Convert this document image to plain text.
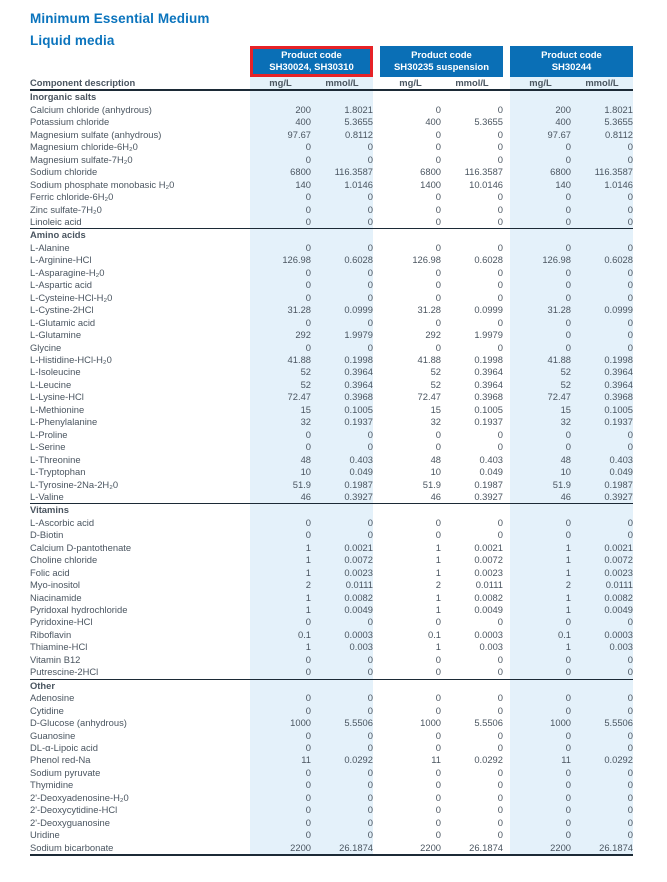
Minimum Essential Medium
Liquid media
Product code
SH30024, SH30310
Product code
SH30235 suspension
Product code
SH30244
Component description	mg/L	mmol/L		mg/L	mmol/L		mg/L	mmol/L
Inorganic salts								
Calcium chloride (anhydrous)	200	1.8021		0	0		200	1.8021
Potassium chloride	400	5.3655		400	5.3655		400	5.3655
Magnesium sulfate (anhydrous)	97.67	0.8112		0	0		97.67	0.8112
Magnesium chloride-6H₂0	0	0		0	0		0	0
Magnesium sulfate-7H₂0	0	0		0	0		0	0
Sodium chloride	6800	116.3587		6800	116.3587		6800	116.3587
Sodium phosphate monobasic H₂0	140	1.0146		1400	10.0146		140	1.0146
Ferric chloride-6H₂0	0	0		0	0		0	0
Zinc sulfate-7H₂0	0	0		0	0		0	0
Linoleic acid	0	0		0	0		0	0
Amino acids								
L-Alanine	0	0		0	0		0	0
L-Arginine-HCl	126.98	0.6028		126.98	0.6028		126.98	0.6028
L-Asparagine-H₂0	0	0		0	0		0	0
L-Aspartic acid	0	0		0	0		0	0
L-Cysteine-HCl-H₂0	0	0		0	0		0	0
L-Cystine-2HCl	31.28	0.0999		31.28	0.0999		31.28	0.0999
L-Glutamic acid	0	0		0	0		0	0
L-Glutamine	292	1.9979		292	1.9979		0	0
Glycine	0	0		0	0		0	0
L-Histidine-HCl-H₂0	41.88	0.1998		41.88	0.1998		41.88	0.1998
L-Isoleucine	52	0.3964		52	0.3964		52	0.3964
L-Leucine	52	0.3964		52	0.3964		52	0.3964
L-Lysine-HCl	72.47	0.3968		72.47	0.3968		72.47	0.3968
L-Methionine	15	0.1005		15	0.1005		15	0.1005
L-Phenylalanine	32	0.1937		32	0.1937		32	0.1937
L-Proline	0	0		0	0		0	0
L-Serine	0	0		0	0		0	0
L-Threonine	48	0.403		48	0.403		48	0.403
L-Tryptophan	10	0.049		10	0.049		10	0.049
L-Tyrosine-2Na-2H₂0	51.9	0.1987		51.9	0.1987		51.9	0.1987
L-Valine	46	0.3927		46	0.3927		46	0.3927
Vitamins								
L-Ascorbic acid	0	0		0	0		0	0
D-Biotin	0	0		0	0		0	0
Calcium D-pantothenate	1	0.0021		1	0.0021		1	0.0021
Choline chloride	1	0.0072		1	0.0072		1	0.0072
Folic acid	1	0.0023		1	0.0023		1	0.0023
Myo-inositol	2	0.0111		2	0.0111		2	0.0111
Niacinamide	1	0.0082		1	0.0082		1	0.0082
Pyridoxal hydrochloride	1	0.0049		1	0.0049		1	0.0049
Pyridoxine-HCl	0	0		0	0		0	0
Riboflavin	0.1	0.0003		0.1	0.0003		0.1	0.0003
Thiamine-HCl	1	0.003		1	0.003		1	0.003
Vitamin B12	0	0		0	0		0	0
Putrescine-2HCl	0	0		0	0		0	0
Other								
Adenosine	0	0		0	0		0	0
Cytidine	0	0		0	0		0	0
D-Glucose (anhydrous)	1000	5.5506		1000	5.5506		1000	5.5506
Guanosine	0	0		0	0		0	0
DL-α-Lipoic acid	0	0		0	0		0	0
Phenol red-Na	11	0.0292		11	0.0292		11	0.0292
Sodium pyruvate	0	0		0	0		0	0
Thymidine	0	0		0	0		0	0
2'-Deoxyadenosine-H₂0	0	0		0	0		0	0
2'-Deoxycytidine-HCl	0	0		0	0		0	0
2'-Deoxyguanosine	0	0		0	0		0	0
Uridine	0	0		0	0		0	0
Sodium bicarbonate	2200	26.1874		2200	26.1874		2200	26.1874
